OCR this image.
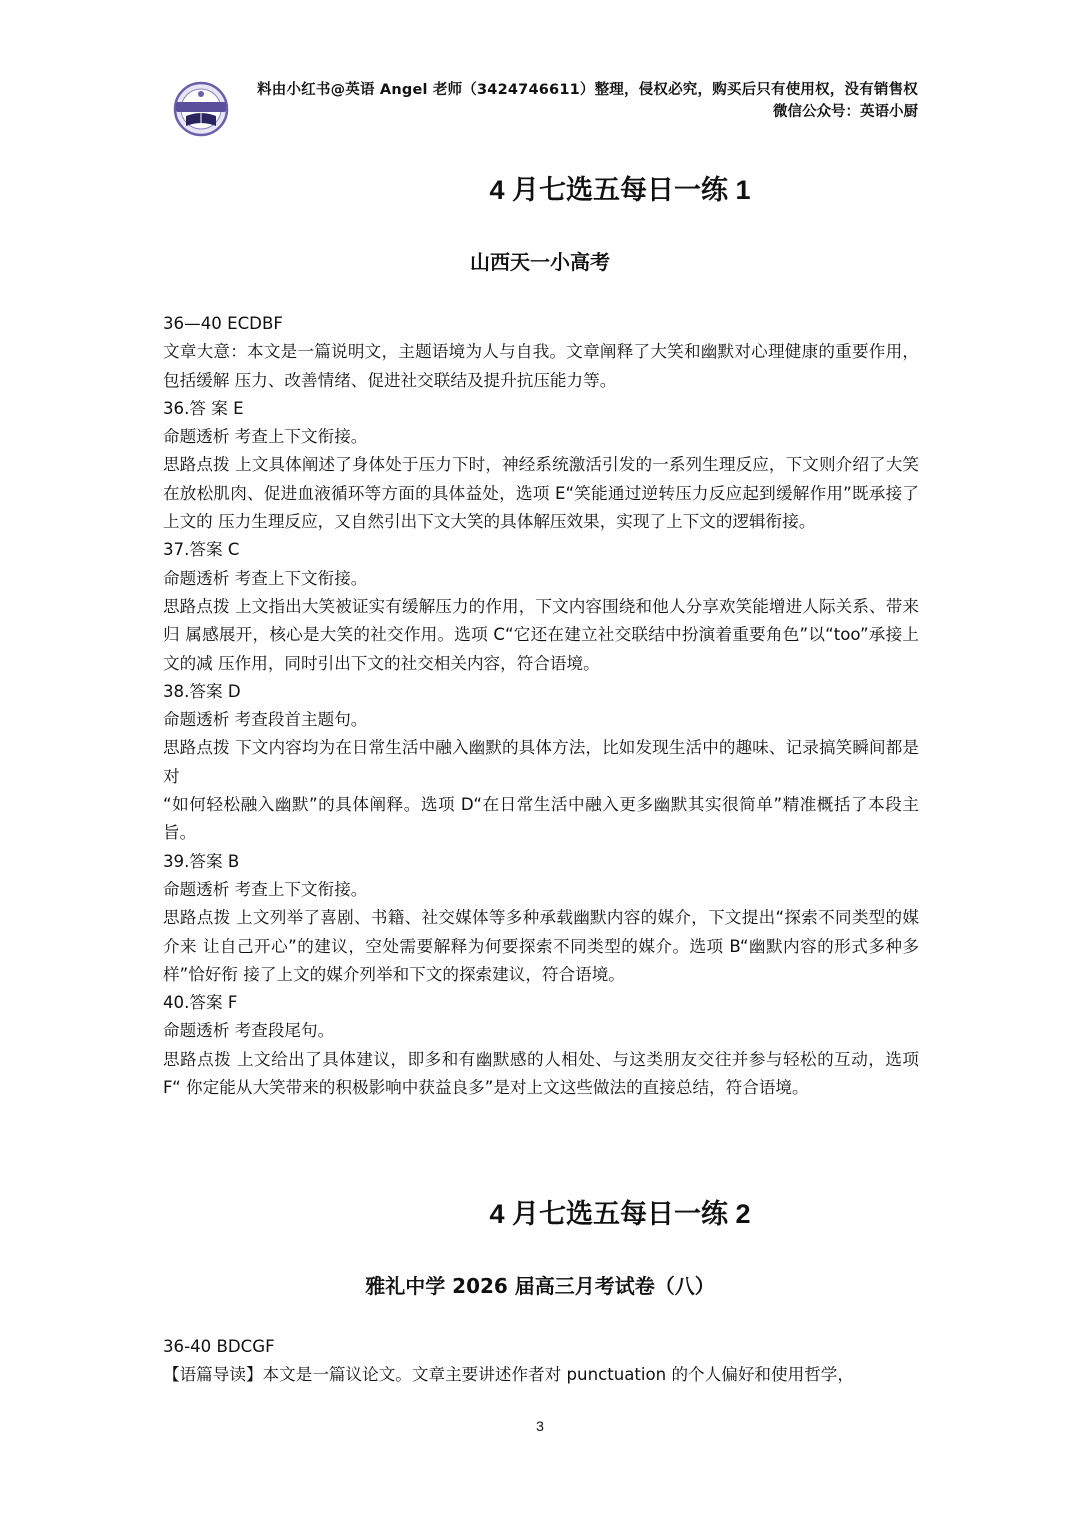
料由小红书@英语 Angel 老师（3424746611）整理，侵权必究，购买后只有使用权，没有销售权
微信公众号：英语小厨
4 月七选五每日一练 1
山西天一小高考

36—40 ECDBF

文章大意：本文是一篇说明文，主题语境为人与自我。文章阐释了大笑和幽默对心理健康的重要作用，包括缓解 压力、改善情绪、促进社交联结及提升抗压能力等。

36.答 案 E

命题透析 考查上下文衔接。

思路点拨 上文具体阐述了身体处于压力下时，神经系统激活引发的一系列生理反应，下文则介绍了大笑在放松肌肉、促进血液循环等方面的具体益处，选项 E“笑能通过逆转压力反应起到缓解作用”既承接了上文的 压力生理反应，又自然引出下文大笑的具体解压效果，实现了上下文的逻辑衔接。

37.答案 C

命题透析 考查上下文衔接。

思路点拨 上文指出大笑被证实有缓解压力的作用，下文内容围绕和他人分享欢笑能增进人际关系、带来归 属感展开，核心是大笑的社交作用。选项 C“它还在建立社交联结中扮演着重要角色”以“too”承接上文的减 压作用，同时引出下文的社交相关内容，符合语境。

38.答案 D

命题透析 考查段首主题句。

思路点拨 下文内容均为在日常生活中融入幽默的具体方法，比如发现生活中的趣味、记录搞笑瞬间都是对

“如何轻松融入幽默”的具体阐释。选项 D“在日常生活中融入更多幽默其实很简单”精准概括了本段主旨。

39.答案 B

命题透析 考查上下文衔接。

思路点拨 上文列举了喜剧、书籍、社交媒体等多种承载幽默内容的媒介，下文提出“探索不同类型的媒介来 让自己开心”的建议，空处需要解释为何要探索不同类型的媒介。选项 B“幽默内容的形式多种多样”恰好衔 接了上文的媒介列举和下文的探索建议，符合语境。

40.答案 F

命题透析 考查段尾句。

思路点拨 上文给出了具体建议，即多和有幽默感的人相处、与这类朋友交往并参与轻松的互动，选项 F“ 你定能从大笑带来的积极影响中获益良多”是对上文这些做法的直接总结，符合语境。

4 月七选五每日一练 2
雅礼中学 2026 届高三月考试卷（八）

36-40 BDCGF

【语篇导读】本文是一篇议论文。文章主要讲述作者对 punctuation 的个人偏好和使用哲学，

3
